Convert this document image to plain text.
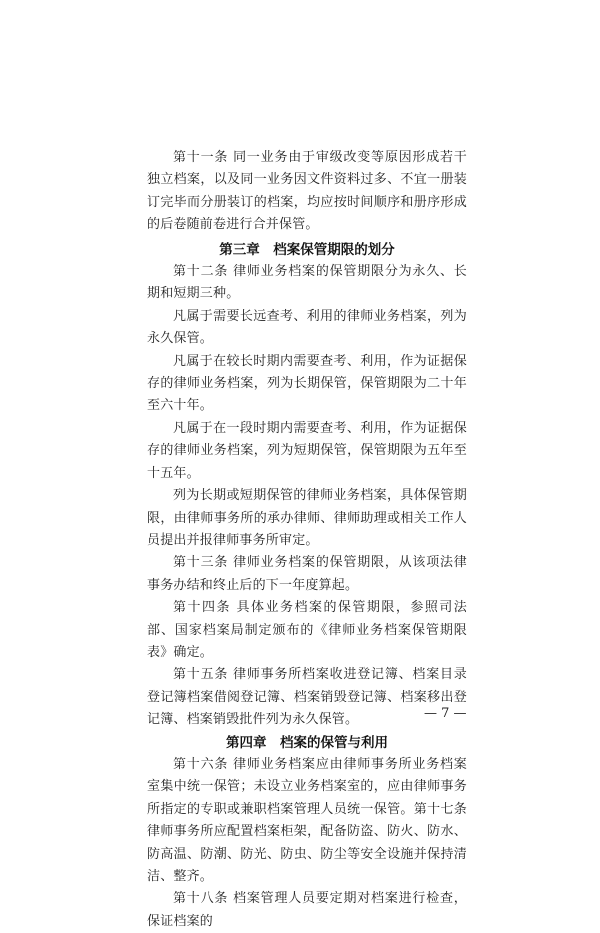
第十一条 同一业务由于审级改变等原因形成若干独立档案，以及同一业务因文件资料过多、不宜一册装订完毕而分册装订的档案，均应按时间顺序和册序形成的后卷随前卷进行合并保管。

第三章　档案保管期限的划分

第十二条 律师业务档案的保管期限分为永久、长期和短期三种。

凡属于需要长远查考、利用的律师业务档案，列为永久保管。

凡属于在较长时期内需要查考、利用，作为证据保存的律师业务档案，列为长期保管，保管期限为二十年至六十年。

凡属于在一段时期内需要查考、利用，作为证据保存的律师业务档案，列为短期保管，保管期限为五年至十五年。

列为长期或短期保管的律师业务档案，具体保管期限，由律师事务所的承办律师、律师助理或相关工作人员提出并报律师事务所审定。

第十三条 律师业务档案的保管期限，从该项法律事务办结和终止后的下一年度算起。

第十四条 具体业务档案的保管期限，参照司法部、国家档案局制定颁布的《律师业务档案保管期限表》确定。

第十五条 律师事务所档案收进登记簿、档案目录登记簿档案借阅登记簿、档案销毁登记簿、档案移出登记簿、档案销毁批件列为永久保管。

第四章　档案的保管与利用

第十六条 律师业务档案应由律师事务所业务档案室集中统一保管；未设立业务档案室的，应由律师事务所指定的专职或兼职档案管理人员统一保管。第十七条律师事务所应配置档案柜架，配备防盗、防火、防水、防高温、防潮、防光、防虫、防尘等安全设施并保持清洁、整齐。

第十八条 档案管理人员要定期对档案进行检查，保证档案的

— 7 —
